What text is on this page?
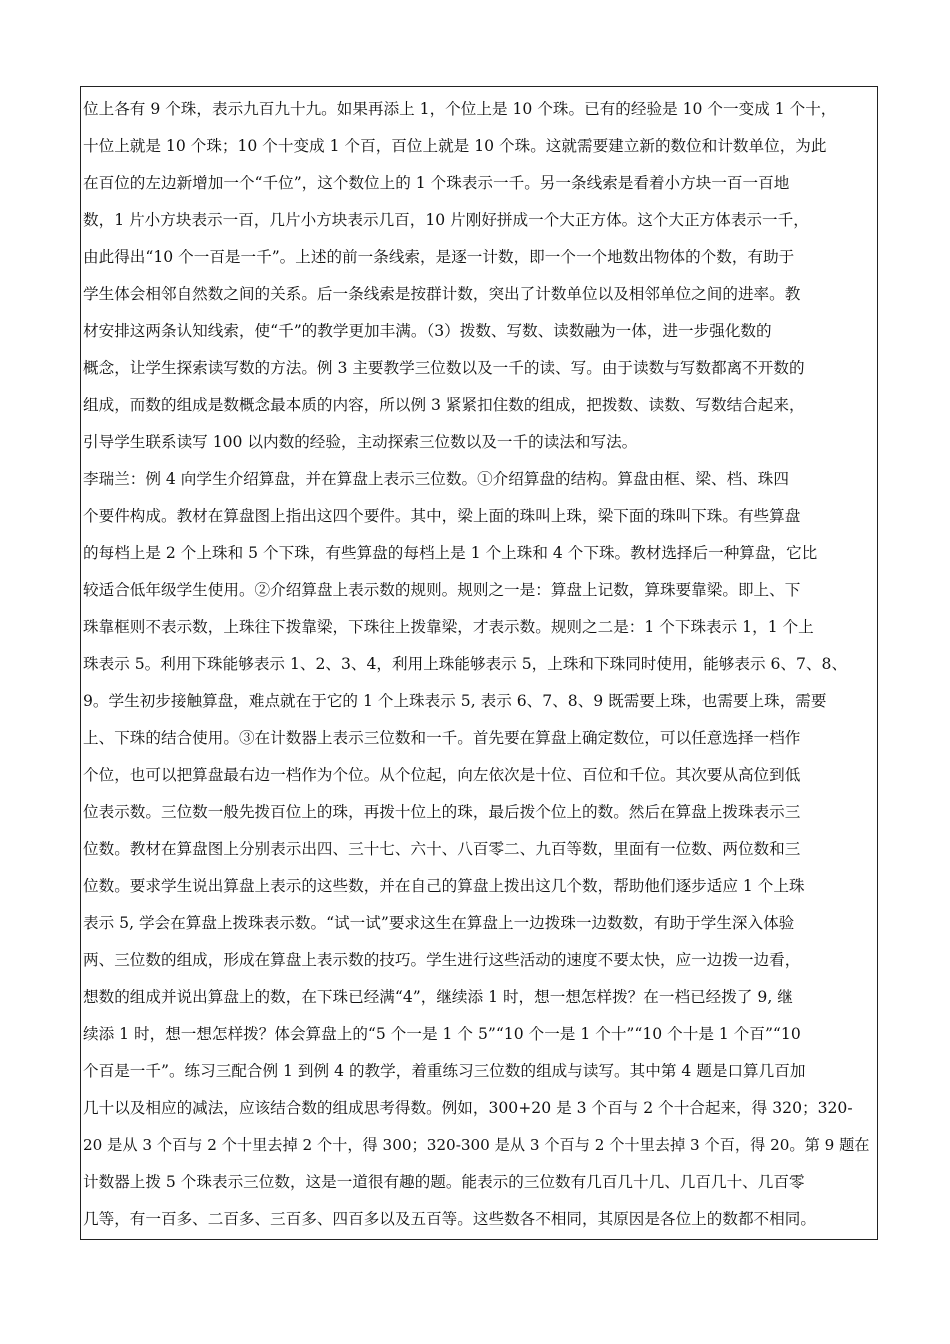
位上各有 9 个珠，表示九百九十九。如果再添上 1，个位上是 10 个珠。已有的经验是 10 个一变成 1 个十，
十位上就是 10 个珠；10 个十变成 1 个百，百位上就是 10 个珠。这就需要建立新的数位和计数单位，为此
在百位的左边新增加一个“千位”，这个数位上的 1 个珠表示一千。另一条线索是看着小方块一百一百地
数，1 片小方块表示一百，几片小方块表示几百，10 片刚好拼成一个大正方体。这个大正方体表示一千，
由此得出“10 个一百是一千”。上述的前一条线索，是逐一计数，即一个一个地数出物体的个数，有助于
学生体会相邻自然数之间的关系。后一条线索是按群计数，突出了计数单位以及相邻单位之间的进率。教
材安排这两条认知线索，使“千”的教学更加丰满。（3）拨数、写数、读数融为一体，进一步强化数的
概念，让学生探索读写数的方法。例 3 主要教学三位数以及一千的读、写。由于读数与写数都离不开数的
组成，而数的组成是数概念最本质的内容，所以例 3 紧紧扣住数的组成，把拨数、读数、写数结合起来，
引导学生联系读写 100 以内数的经验，主动探索三位数以及一千的读法和写法。
李瑞兰：例 4 向学生介绍算盘，并在算盘上表示三位数。①介绍算盘的结构。算盘由框、梁、档、珠四
个要件构成。教材在算盘图上指出这四个要件。其中，梁上面的珠叫上珠，梁下面的珠叫下珠。有些算盘
的每档上是 2 个上珠和 5 个下珠，有些算盘的每档上是 1 个上珠和 4 个下珠。教材选择后一种算盘，它比
较适合低年级学生使用。②介绍算盘上表示数的规则。规则之一是：算盘上记数，算珠要靠梁。即上、下
珠靠框则不表示数，上珠往下拨靠梁，下珠往上拨靠梁，才表示数。规则之二是：1 个下珠表示 1，1 个上
珠表示 5。利用下珠能够表示 1、2、3、4，利用上珠能够表示 5，上珠和下珠同时使用，能够表示 6、7、8、
9。学生初步接触算盘，难点就在于它的 1 个上珠表示 5, 表示 6、7、8、9 既需要上珠，也需要上珠，需要
上、下珠的结合使用。③在计数器上表示三位数和一千。首先要在算盘上确定数位，可以任意选择一档作
个位，也可以把算盘最右边一档作为个位。从个位起，向左依次是十位、百位和千位。其次要从高位到低
位表示数。三位数一般先拨百位上的珠，再拨十位上的珠，最后拨个位上的数。然后在算盘上拨珠表示三
位数。教材在算盘图上分别表示出四、三十七、六十、八百零二、九百等数，里面有一位数、两位数和三
位数。要求学生说出算盘上表示的这些数，并在自己的算盘上拨出这几个数，帮助他们逐步适应 1 个上珠
表示 5, 学会在算盘上拨珠表示数。“试一试”要求这生在算盘上一边拨珠一边数数，有助于学生深入体验
两、三位数的组成，形成在算盘上表示数的技巧。学生进行这些活动的速度不要太快，应一边拨一边看，
想数的组成并说出算盘上的数，在下珠已经满“4”，继续添 1 时，想一想怎样拨？在一档已经拨了 9, 继
续添 1 时，想一想怎样拨？体会算盘上的“5 个一是 1 个 5”“10 个一是 1 个十”“10 个十是 1 个百”“10
个百是一千”。练习三配合例 1 到例 4 的教学，着重练习三位数的组成与读写。其中第 4 题是口算几百加
几十以及相应的减法，应该结合数的组成思考得数。例如，300+20 是 3 个百与 2 个十合起来，得 320；320-
20 是从 3 个百与 2 个十里去掉 2 个十，得 300；320-300 是从 3 个百与 2 个十里去掉 3 个百，得 20。第 9 题在
计数器上拨 5 个珠表示三位数，这是一道很有趣的题。能表示的三位数有几百几十几、几百几十、几百零
几等，有一百多、二百多、三百多、四百多以及五百等。这些数各不相同，其原因是各位上的数都不相同。
